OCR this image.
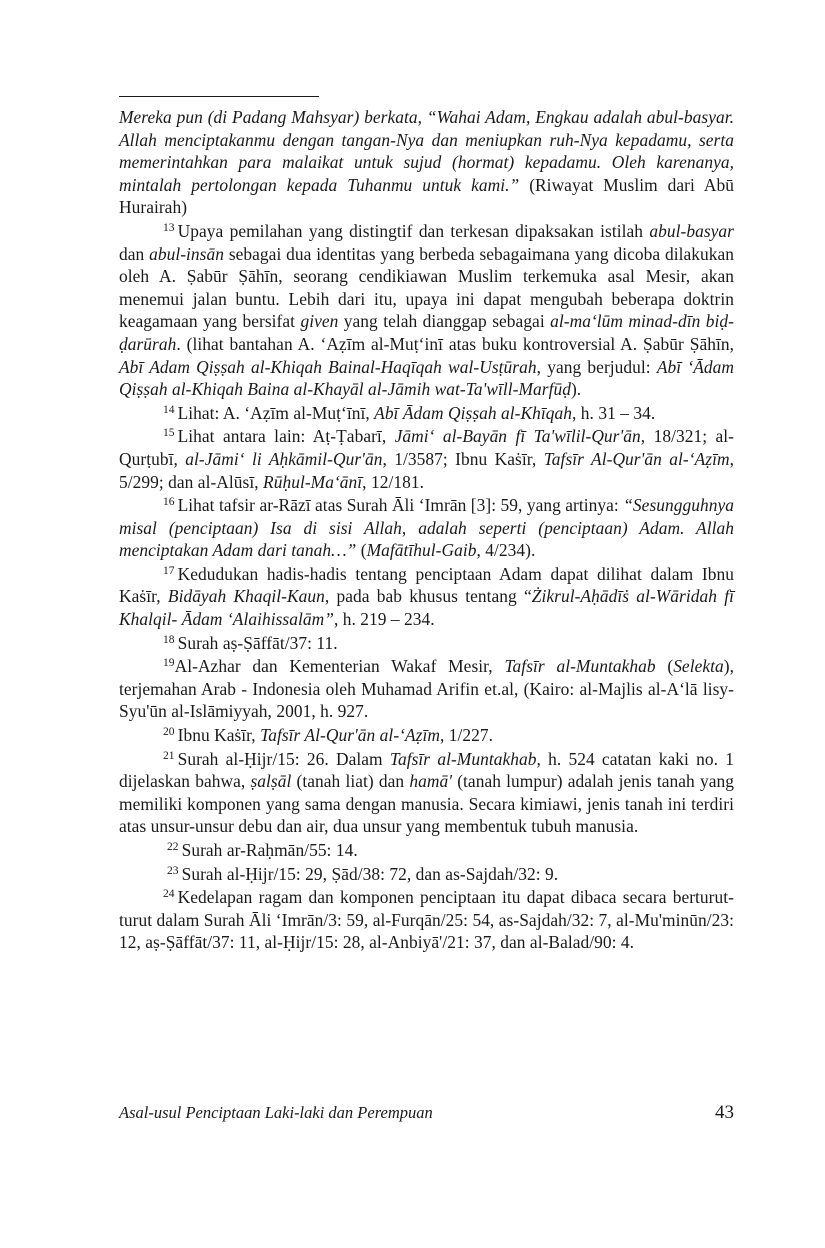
Mereka pun (di Padang Mahsyar) berkata, “Wahai Adam, Engkau adalah abul-basyar. Allah menciptakanmu dengan tangan-Nya dan meniupkan ruh-Nya kepadamu, serta memerintahkan para malaikat untuk sujud (hormat) kepadamu. Oleh karenanya, mintalah pertolongan kepada Tuhanmu untuk kami.” (Riwayat Muslim dari Abū Hurairah)

$^{13}$ Upaya pemilahan yang distingtif dan terkesan dipaksakan istilah abul-basyar dan abul-insān sebagai dua identitas yang berbeda sebagaimana yang dicoba dilakukan oleh A. Ṣabūr Ṣāhīn, seorang cendikiawan Muslim terkemuka asal Mesir, akan menemui jalan buntu. Lebih dari itu, upaya ini dapat mengubah beberapa doktrin keagamaan yang bersifat given yang telah dianggap sebagai al-ma‘lūm minad-dīn biḍ-ḍarūrah. (lihat bantahan A. ‘Aẓīm al-Muṭ‘inī atas buku kontroversial A. Ṣabūr Ṣāhīn, Abī Adam Qiṣṣah al-Khiqah Bainal-Haqīqah wal-Usṭūrah, yang berjudul: Abī ‘Ādam Qiṣṣah al-Khiqah Baina al-Khayāl al-Jāmih wat-Ta'wīll-Marfūḍ).

$^{14}$ Lihat: A. ‘Aẓīm al-Muṭ‘īnī, Abī Ādam Qiṣṣah al-Khīqah, h. 31 – 34.

$^{15}$ Lihat antara lain: Aṭ-Ṭabarī, Jāmi‘ al-Bayān fī Ta'wīlil-Qur'ān, 18/321; al-Qurṭubī, al-Jāmi‘ li Aḥkāmil-Qur'ān, 1/3587; Ibnu Kaṡīr, Tafsīr Al-Qur'ān al-‘Aẓīm, 5/299; dan al-Alūsī, Rūḥul-Ma‘ānī, 12/181.

$^{16}$ Lihat tafsir ar-Rāzī atas Surah Āli ‘Imrān [3]: 59, yang artinya: “Sesungguhnya misal (penciptaan) Isa di sisi Allah, adalah seperti (penciptaan) Adam. Allah menciptakan Adam dari tanah…” (Mafātīhul-Gaib, 4/234).

$^{17}$ Kedudukan hadis-hadis tentang penciptaan Adam dapat dilihat dalam Ibnu Kaṡīr, Bidāyah Khaqil-Kaun, pada bab khusus tentang “Żikrul-Aḥādīṡ al-Wāridah fī Khalqil- Ādam ‘Alaihissalām”, h. 219 – 234.

$^{18}$ Surah aṣ-Ṣāffāt/37: 11.

$^{19}$Al-Azhar dan Kementerian Wakaf Mesir, Tafsīr al-Muntakhab (Selekta), terjemahan Arab - Indonesia oleh Muhamad Arifin et.al, (Kairo: al-Majlis al-A‘lā lisy-Syu'ūn al-Islāmiyyah, 2001, h. 927.

$^{20}$ Ibnu Kaṡīr, Tafsīr Al-Qur'ān al-‘Aẓīm, 1/227.

$^{21}$ Surah al-Ḥijr/15: 26. Dalam Tafsīr al-Muntakhab, h. 524 catatan kaki no. 1 dijelaskan bahwa, ṣalṣāl (tanah liat) dan hamā' (tanah lumpur) adalah jenis tanah yang memiliki komponen yang sama dengan manusia. Secara kimiawi, jenis tanah ini terdiri atas unsur-unsur debu dan air, dua unsur yang membentuk tubuh manusia.

$^{22}$ Surah ar-Raḥmān/55: 14.

$^{23}$ Surah al-Ḥijr/15: 29, Ṣād/38: 72, dan as-Sajdah/32: 9.

$^{24}$ Kedelapan ragam dan komponen penciptaan itu dapat dibaca secara berturut-turut dalam Surah Āli ‘Imrān/3: 59, al-Furqān/25: 54, as-Sajdah/32: 7, al-Mu'minūn/23: 12, aṣ-Ṣāffāt/37: 11, al-Ḥijr/15: 28, al-Anbiyā'/21: 37, dan al-Balad/90: 4.

Asal-usul Penciptaan Laki-laki dan Perempuan	43
